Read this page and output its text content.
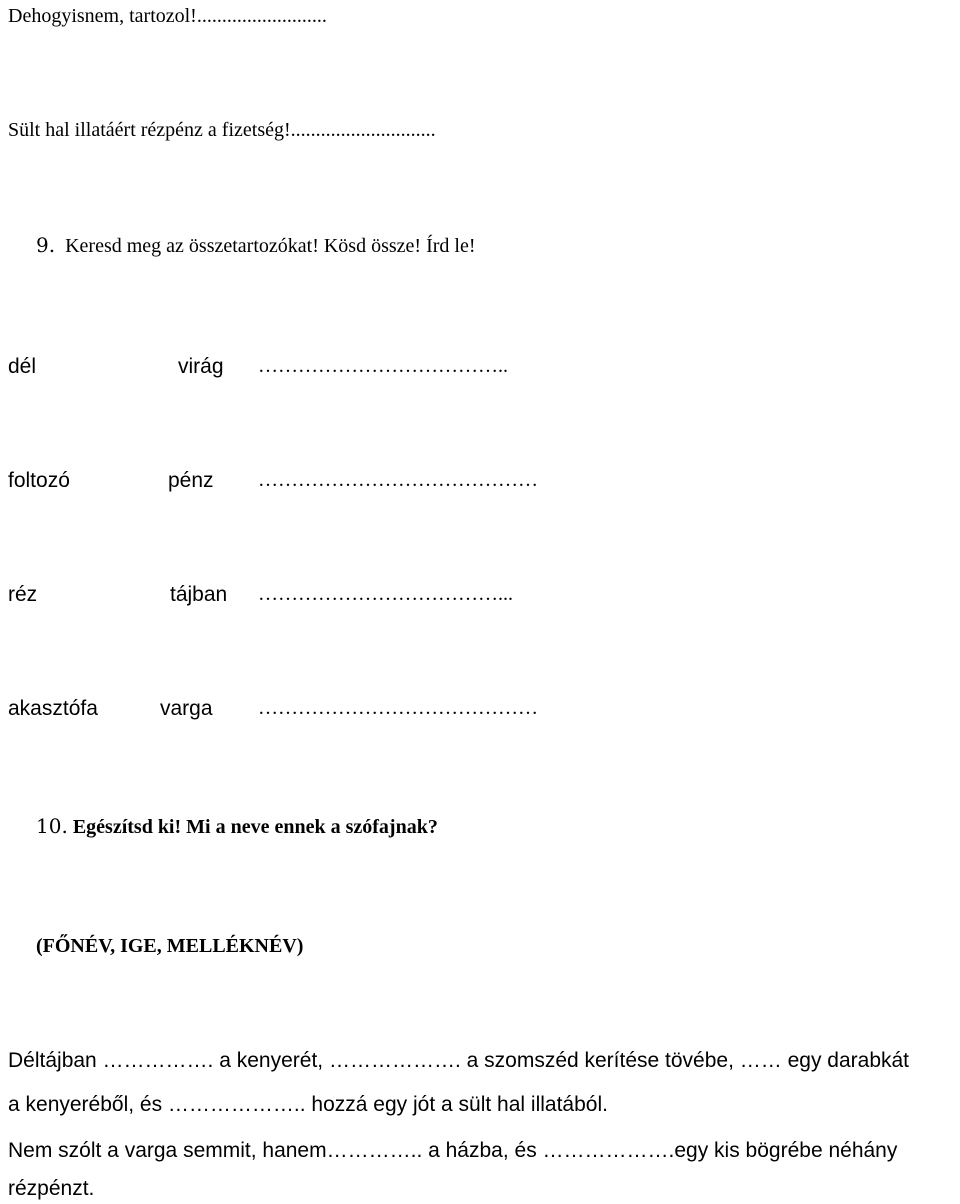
Dehogyisnem, tartozol!..........................
Sült hal illatáért rézpénz a fizetség!.............................
9. Keresd meg az összetartozókat! Kösd össze! Írd le!
dél	virág ………………………………..
foltozó	pénz ……………………………………
réz	tájban ………………………………...
akasztófa	varga ……………………………………
10. Egészítsd ki! Mi a neve ennek a szófajnak?
(FŐNÉV, IGE, MELLÉKNÉV)
Déltájban ……………. a kenyerét, ………………. a szomszéd kerítése tövébe, …… egy darabkát
a kenyeréből, és ……………….. hozzá egy jót a sült hal illatából.
Nem szólt a varga semmit, hanem………….. a házba, és ……………….egy kis bögrébe néhány
rézpénzt.
